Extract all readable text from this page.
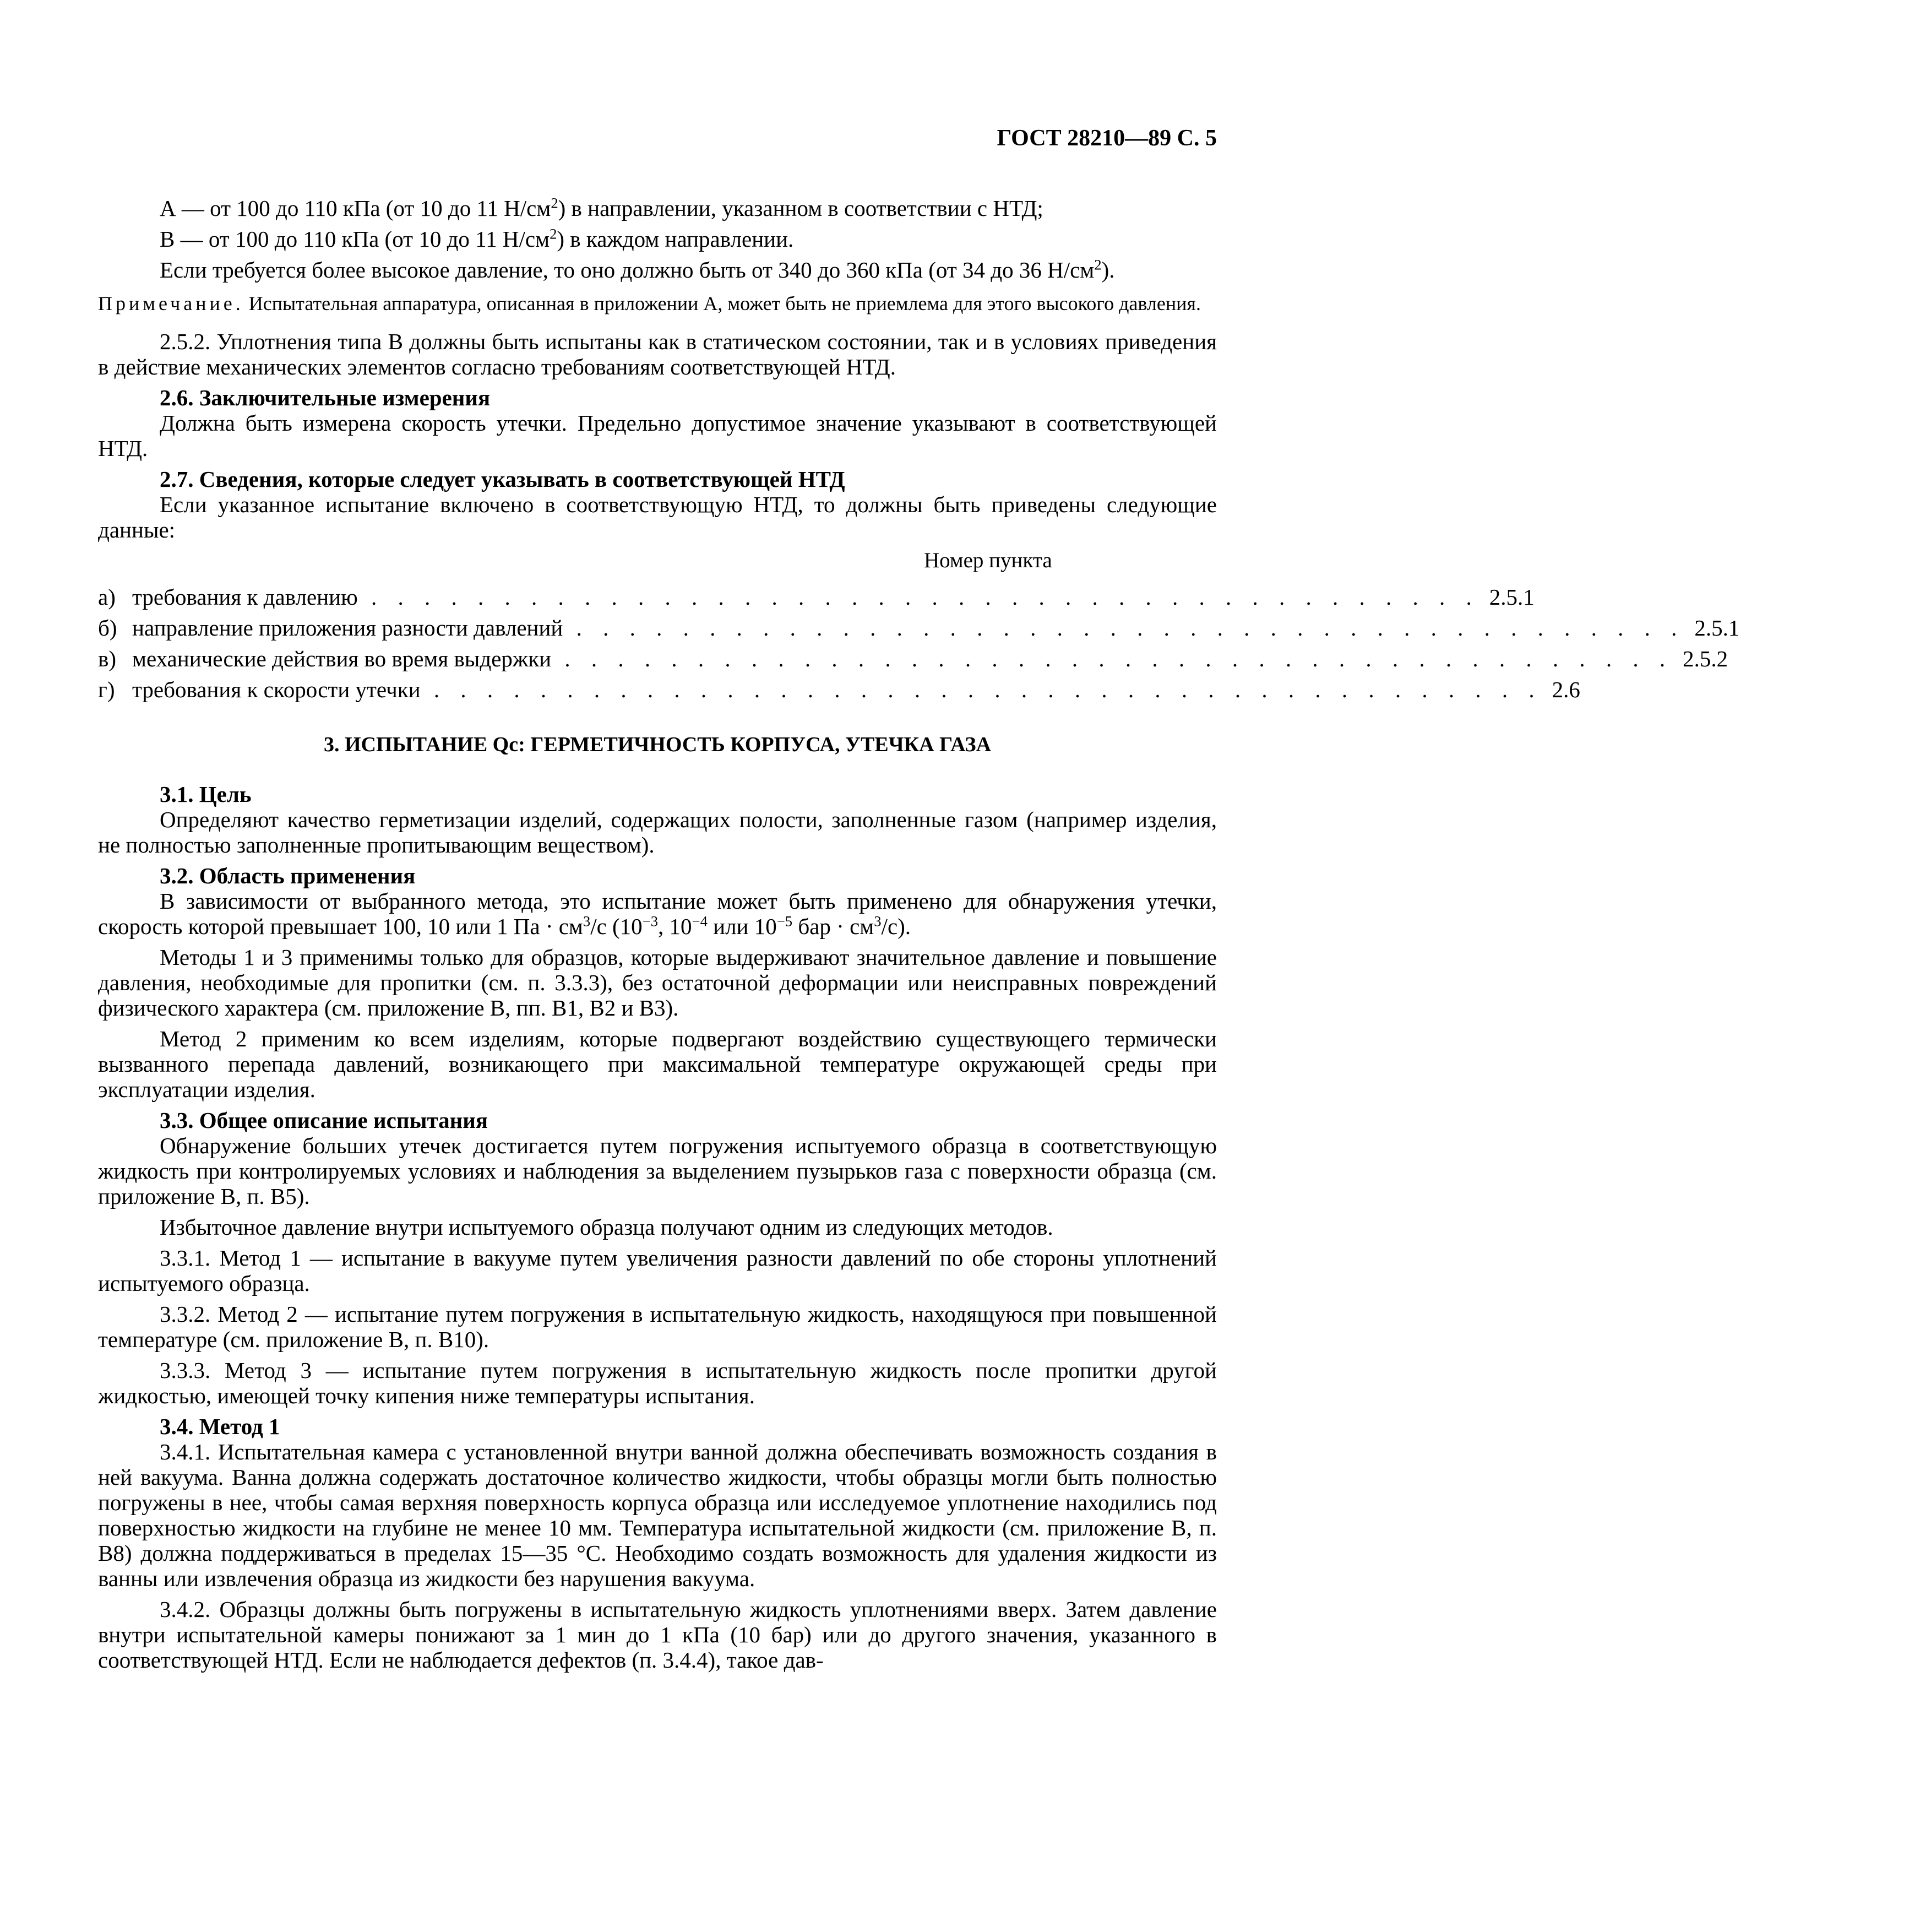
ГОСТ 28210—89 С. 5

А — от 100 до 110 кПа (от 10 до 11 $Н/см^2$) в направлении, указанном в соответствии с НТД;

В — от 100 до 110 кПа (от 10 до 11 $Н/см^2$) в каждом направлении.

Если требуется более высокое давление, то оно должно быть от 340 до 360 кПа (от 34 до 36 $Н/см^2$).

Примечание. Испытательная аппаратура, описанная в приложении А, может быть не приемлема для этого высокого давления.

2.5.2. Уплотнения типа В должны быть испытаны как в статическом состоянии, так и в условиях приведения в действие механических элементов согласно требованиям соответствующей НТД.

2.6. Заключительные измерения

Должна быть измерена скорость утечки. Предельно допустимое значение указывают в соответствующей НТД.

2.7. Сведения, которые следует указывать в соответствующей НТД

Если указанное испытание включено в соответствующую НТД, то должны быть приведены следующие данные:

Номер пункта
а) требования к давлению . . . . . . . . . . . . . . . . . . . . . . . . . . . . . . . . . . . . . . . . . . 2.5.1
б) направление приложения разности давлений . . . . . . . . . . . . . . . . . . . . . . . . . . . . . . . . . . . . . . . . . . 2.5.1
в) механические действия во время выдержки . . . . . . . . . . . . . . . . . . . . . . . . . . . . . . . . . . . . . . . . . . 2.5.2
г) требования к скорости утечки . . . . . . . . . . . . . . . . . . . . . . . . . . . . . . . . . . . . . . . . . . 2.6
3. ИСПЫТАНИЕ Qc: ГЕРМЕТИЧНОСТЬ КОРПУСА, УТЕЧКА ГАЗА
3.1. Цель

Определяют качество герметизации изделий, содержащих полости, заполненные газом (например изделия, не полностью заполненные пропитывающим веществом).

3.2. Область применения

В зависимости от выбранного метода, это испытание может быть применено для обнаружения утечки, скорость которой превышает 100, 10 или 1 Па · $см^3/с$ ($10^{-3}$, $10^{-4}$ или $10^{-5}$ бар · $см^3/с$).

Методы 1 и 3 применимы только для образцов, которые выдерживают значительное давление и повышение давления, необходимые для пропитки (см. п. 3.3.3), без остаточной деформации или неисправных повреждений физического характера (см. приложение В, пп. В1, В2 и В3).

Метод 2 применим ко всем изделиям, которые подвергают воздействию существующего термически вызванного перепада давлений, возникающего при максимальной температуре окружающей среды при эксплуатации изделия.

3.3. Общее описание испытания

Обнаружение больших утечек достигается путем погружения испытуемого образца в соответствующую жидкость при контролируемых условиях и наблюдения за выделением пузырьков газа с поверхности образца (см. приложение В, п. В5).

Избыточное давление внутри испытуемого образца получают одним из следующих методов.

3.3.1. Метод 1 — испытание в вакууме путем увеличения разности давлений по обе стороны уплотнений испытуемого образца.

3.3.2. Метод 2 — испытание путем погружения в испытательную жидкость, находящуюся при повышенной температуре (см. приложение В, п. В10).

3.3.3. Метод 3 — испытание путем погружения в испытательную жидкость после пропитки другой жидкостью, имеющей точку кипения ниже температуры испытания.

3.4. Метод 1

3.4.1. Испытательная камера с установленной внутри ванной должна обеспечивать возможность создания в ней вакуума. Ванна должна содержать достаточное количество жидкости, чтобы образцы могли быть полностью погружены в нее, чтобы самая верхняя поверхность корпуса образца или исследуемое уплотнение находились под поверхностью жидкости на глубине не менее 10 мм. Температура испытательной жидкости (см. приложение В, п. В8) должна поддерживаться в пределах 15—35 °С. Необходимо создать возможность для удаления жидкости из ванны или извлечения образца из жидкости без нарушения вакуума.

3.4.2. Образцы должны быть погружены в испытательную жидкость уплотнениями вверх. Затем давление внутри испытательной камеры понижают за 1 мин до 1 кПа (10 бар) или до другого значения, указанного в соответствующей НТД. Если не наблюдается дефектов (п. 3.4.4), такое дав-
